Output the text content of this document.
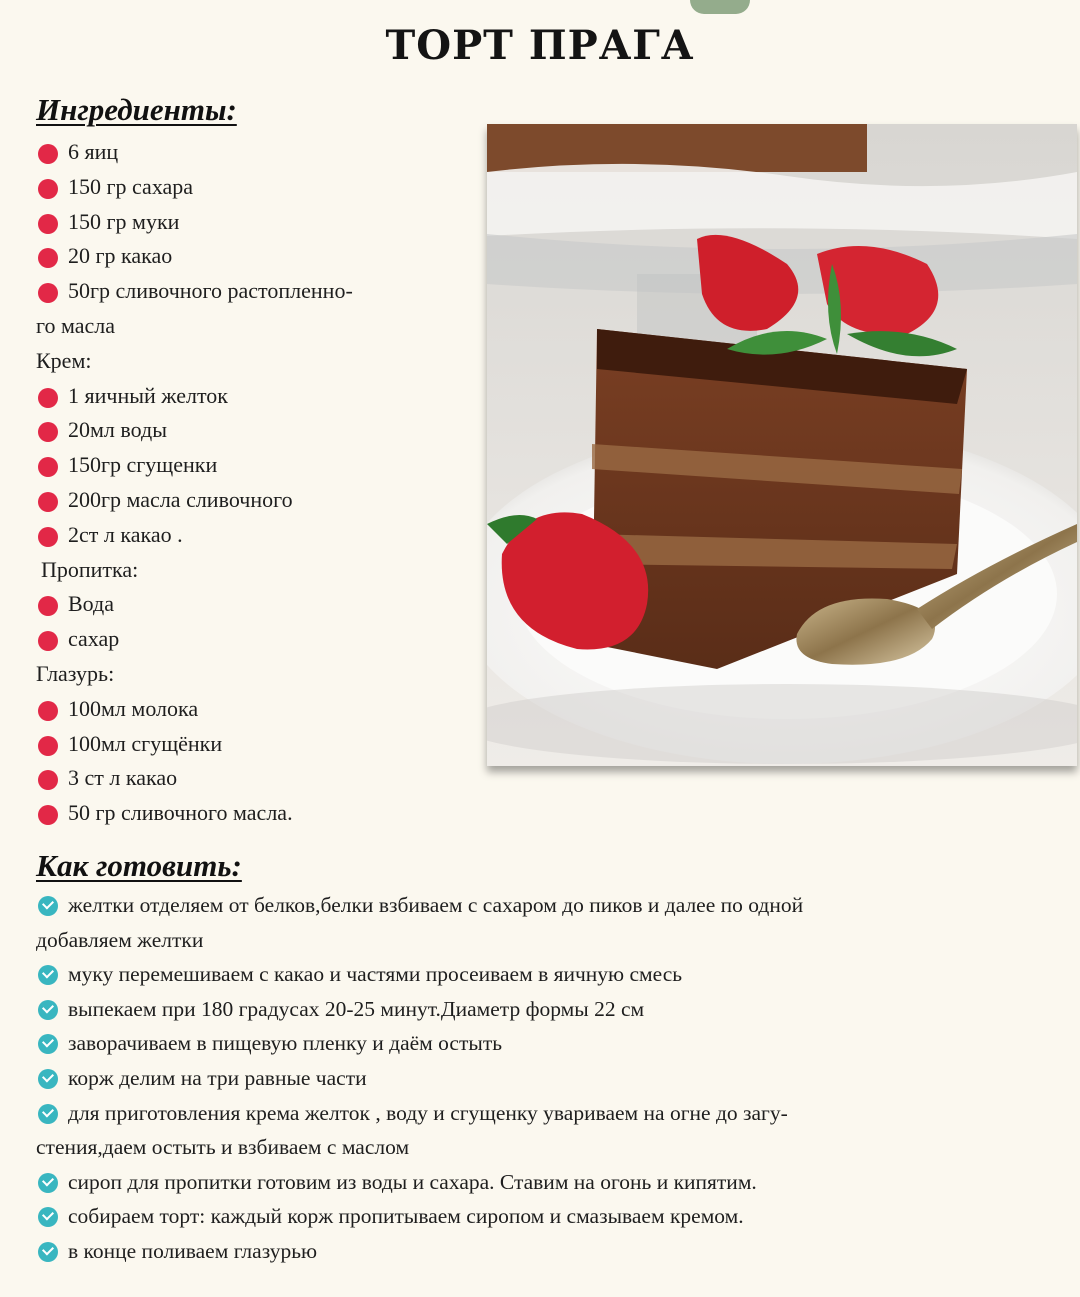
ТОРТ ПРАГА
Ингредиенты:
6 яиц
150 гр сахара
150 гр муки
20 гр какао
50гр сливочного растопленно-
го масла
Крем:
1 яичный желток
20мл воды
150гр сгущенки
200гр масла сливочного
2ст л какао .
Пропитка:
Вода
сахар
Глазурь:
100мл молока
100мл сгущёнки
3 ст л какао
50 гр сливочного масла.
Как готовить:
желтки отделяем от белков,белки взбиваем с сахаром до пиков и далее по одной
добавляем желтки
муку перемешиваем с какао и частями просеиваем в яичную смесь
выпекаем при 180 градусах 20-25 минут.Диаметр формы 22 см
заворачиваем в пищевую пленку и даём остыть
корж делим на три равные части
для приготовления крема желток , воду и сгущенку увариваем на огне до загу-
стения,даем остыть и взбиваем с маслом
сироп для пропитки готовим из воды и сахара. Ставим на огонь и кипятим.
собираем торт: каждый корж пропитываем сиропом и смазываем кремом.
в конце поливаем глазурью
